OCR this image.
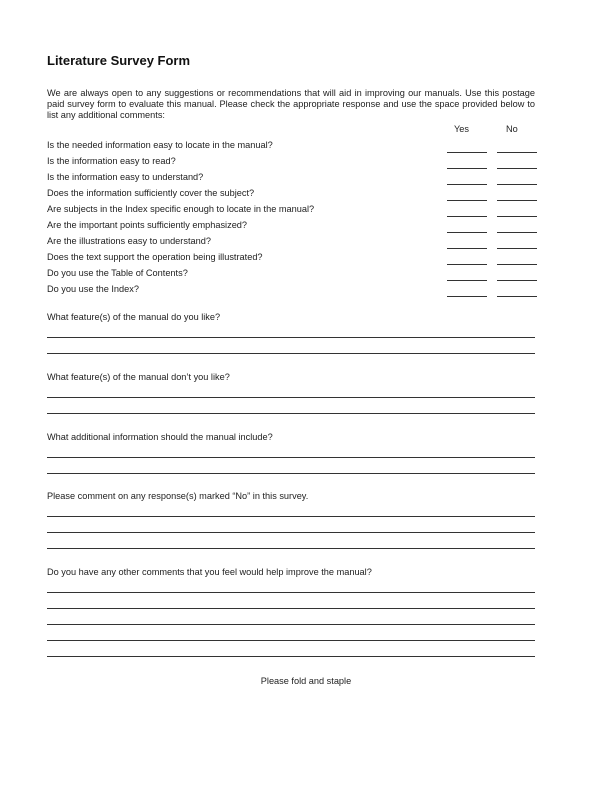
Literature Survey Form
We are always open to any suggestions or recommendations that will aid in improving our manuals. Use this postage paid survey form to evaluate this manual. Please check the appropriate response and use the space provided below to list any additional comments:
Yes	No
Is the needed information easy to locate in the manual?
Is the information easy to read?
Is the information easy to understand?
Does the information sufficiently cover the subject?
Are subjects in the Index specific enough to locate in the manual?
Are the important points sufficiently emphasized?
Are the illustrations easy to understand?
Does the text support the operation being illustrated?
Do you use the Table of Contents?
Do you use the Index?
What feature(s) of the manual do you like?
What feature(s) of the manual don’t you like?
What additional information should the manual include?
Please comment on any response(s) marked “No” in this survey.
Do you have any other comments that you feel would help improve the manual?
Please fold and staple
